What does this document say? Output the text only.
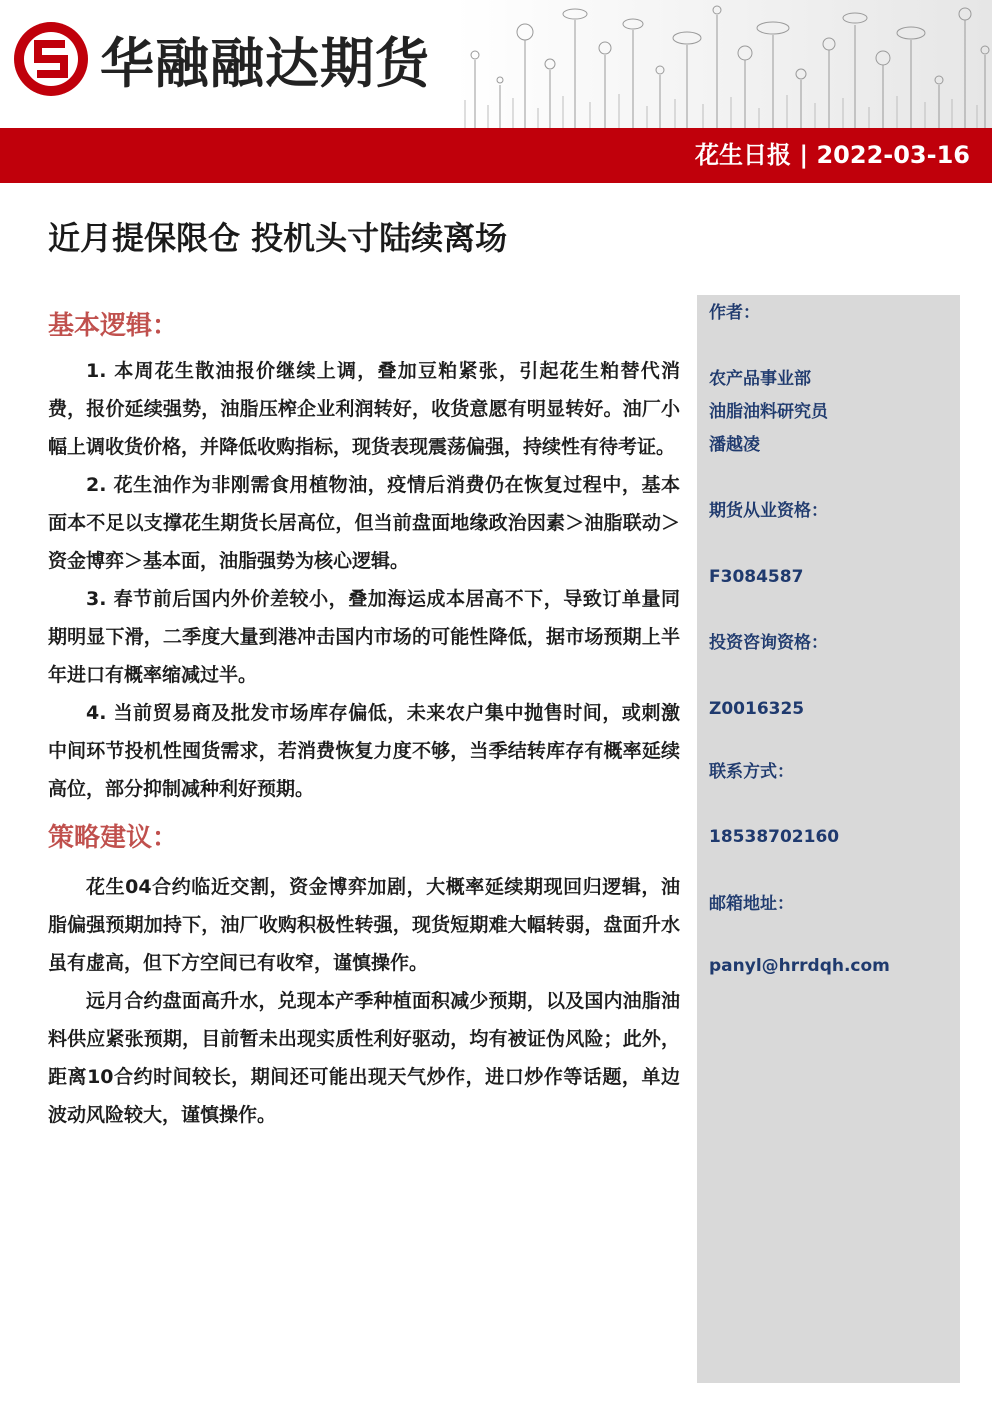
华融融达期货
花生日报 | 2022-03-16
近月提保限仓 投机头寸陆续离场
基本逻辑：

1. 本周花生散油报价继续上调，叠加豆粕紧张，引起花生粕替代消费，报价延续强势，油脂压榨企业利润转好，收货意愿有明显转好。油厂小幅上调收货价格，并降低收购指标，现货表现震荡偏强，持续性有待考证。

2. 花生油作为非刚需食用植物油，疫情后消费仍在恢复过程中，基本面本不足以支撑花生期货长居高位，但当前盘面地缘政治因素＞油脂联动＞资金博弈＞基本面，油脂强势为核心逻辑。

3. 春节前后国内外价差较小，叠加海运成本居高不下，导致订单量同期明显下滑，二季度大量到港冲击国内市场的可能性降低，据市场预期上半年进口有概率缩减过半。

4. 当前贸易商及批发市场库存偏低，未来农户集中抛售时间，或刺激中间环节投机性囤货需求，若消费恢复力度不够，当季结转库存有概率延续高位，部分抑制减种利好预期。

策略建议：

花生04合约临近交割，资金博弈加剧，大概率延续期现回归逻辑，油脂偏强预期加持下，油厂收购积极性转强，现货短期难大幅转弱，盘面升水虽有虚高，但下方空间已有收窄，谨慎操作。

远月合约盘面高升水，兑现本产季种植面积减少预期，以及国内油脂油料供应紧张预期，目前暂未出现实质性利好驱动，均有被证伪风险；此外，距离10合约时间较长，期间还可能出现天气炒作，进口炒作等话题，单边波动风险较大，谨慎操作。

作者：
农产品事业部
油脂油料研究员
潘越凌
期货从业资格：
F3084587
投资咨询资格：
Z0016325
联系方式：
18538702160
邮箱地址：
panyl@hrrdqh.com
